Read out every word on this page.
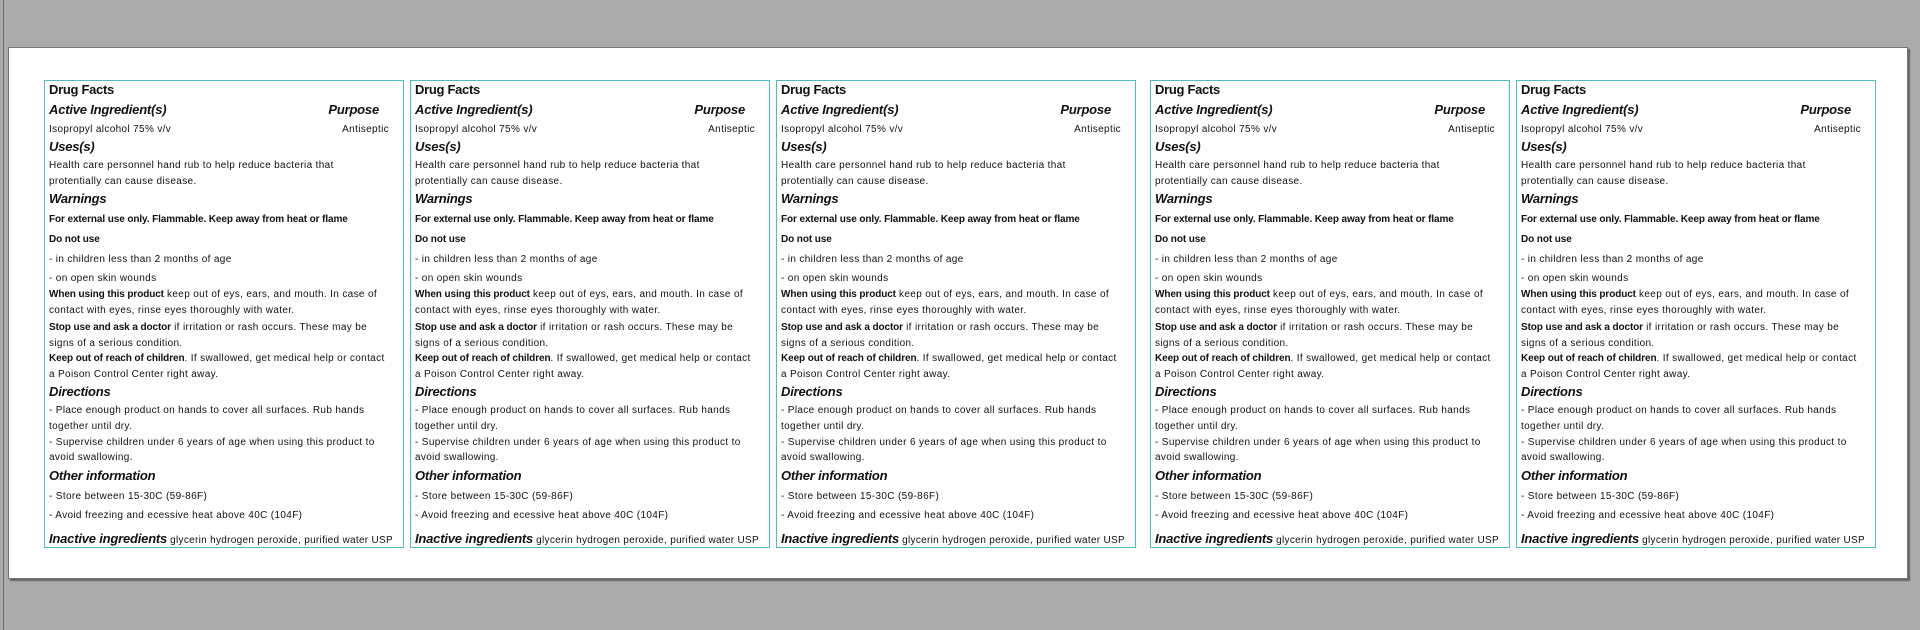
Drug Facts
Active Ingredient(s)	Purpose
Isopropyl alcohol 75% v/v	Antiseptic
Uses(s)
Health care personnel hand rub to help reduce bacteria that
protentially can cause disease.
Warnings
For external use only. Flammable. Keep away from heat or flame
Do not use
- in children less than 2 months of age
- on open skin wounds
When using this product keep out of eys, ears, and mouth. In case of
contact with eyes, rinse eyes thoroughly with water.
Stop use and ask a doctor if irritation or rash occurs. These may be
signs of a serious condition.
Keep out of reach of children. If swallowed, get medical help or contact
a Poison Control Center right away.
Directions
- Place enough product on hands to cover all surfaces. Rub hands
together until dry.
- Supervise children under 6 years of age when using this product to
avoid swallowing.
Other information
- Store between 15-30C (59-86F)
- Avoid freezing and ecessive heat above 40C (104F)
Inactive ingredients glycerin hydrogen peroxide, purified water USP
Drug Facts
Active Ingredient(s)	Purpose
Isopropyl alcohol 75% v/v	Antiseptic
Uses(s)
Health care personnel hand rub to help reduce bacteria that
protentially can cause disease.
Warnings
For external use only. Flammable. Keep away from heat or flame
Do not use
- in children less than 2 months of age
- on open skin wounds
When using this product keep out of eys, ears, and mouth. In case of
contact with eyes, rinse eyes thoroughly with water.
Stop use and ask a doctor if irritation or rash occurs. These may be
signs of a serious condition.
Keep out of reach of children. If swallowed, get medical help or contact
a Poison Control Center right away.
Directions
- Place enough product on hands to cover all surfaces. Rub hands
together until dry.
- Supervise children under 6 years of age when using this product to
avoid swallowing.
Other information
- Store between 15-30C (59-86F)
- Avoid freezing and ecessive heat above 40C (104F)
Inactive ingredients glycerin hydrogen peroxide, purified water USP
Drug Facts
Active Ingredient(s)	Purpose
Isopropyl alcohol 75% v/v	Antiseptic
Uses(s)
Health care personnel hand rub to help reduce bacteria that
protentially can cause disease.
Warnings
For external use only. Flammable. Keep away from heat or flame
Do not use
- in children less than 2 months of age
- on open skin wounds
When using this product keep out of eys, ears, and mouth. In case of
contact with eyes, rinse eyes thoroughly with water.
Stop use and ask a doctor if irritation or rash occurs. These may be
signs of a serious condition.
Keep out of reach of children. If swallowed, get medical help or contact
a Poison Control Center right away.
Directions
- Place enough product on hands to cover all surfaces. Rub hands
together until dry.
- Supervise children under 6 years of age when using this product to
avoid swallowing.
Other information
- Store between 15-30C (59-86F)
- Avoid freezing and ecessive heat above 40C (104F)
Inactive ingredients glycerin hydrogen peroxide, purified water USP
Drug Facts
Active Ingredient(s)	Purpose
Isopropyl alcohol 75% v/v	Antiseptic
Uses(s)
Health care personnel hand rub to help reduce bacteria that
protentially can cause disease.
Warnings
For external use only. Flammable. Keep away from heat or flame
Do not use
- in children less than 2 months of age
- on open skin wounds
When using this product keep out of eys, ears, and mouth. In case of
contact with eyes, rinse eyes thoroughly with water.
Stop use and ask a doctor if irritation or rash occurs. These may be
signs of a serious condition.
Keep out of reach of children. If swallowed, get medical help or contact
a Poison Control Center right away.
Directions
- Place enough product on hands to cover all surfaces. Rub hands
together until dry.
- Supervise children under 6 years of age when using this product to
avoid swallowing.
Other information
- Store between 15-30C (59-86F)
- Avoid freezing and ecessive heat above 40C (104F)
Inactive ingredients glycerin hydrogen peroxide, purified water USP
Drug Facts
Active Ingredient(s)	Purpose
Isopropyl alcohol 75% v/v	Antiseptic
Uses(s)
Health care personnel hand rub to help reduce bacteria that
protentially can cause disease.
Warnings
For external use only. Flammable. Keep away from heat or flame
Do not use
- in children less than 2 months of age
- on open skin wounds
When using this product keep out of eys, ears, and mouth. In case of
contact with eyes, rinse eyes thoroughly with water.
Stop use and ask a doctor if irritation or rash occurs. These may be
signs of a serious condition.
Keep out of reach of children. If swallowed, get medical help or contact
a Poison Control Center right away.
Directions
- Place enough product on hands to cover all surfaces. Rub hands
together until dry.
- Supervise children under 6 years of age when using this product to
avoid swallowing.
Other information
- Store between 15-30C (59-86F)
- Avoid freezing and ecessive heat above 40C (104F)
Inactive ingredients glycerin hydrogen peroxide, purified water USP
